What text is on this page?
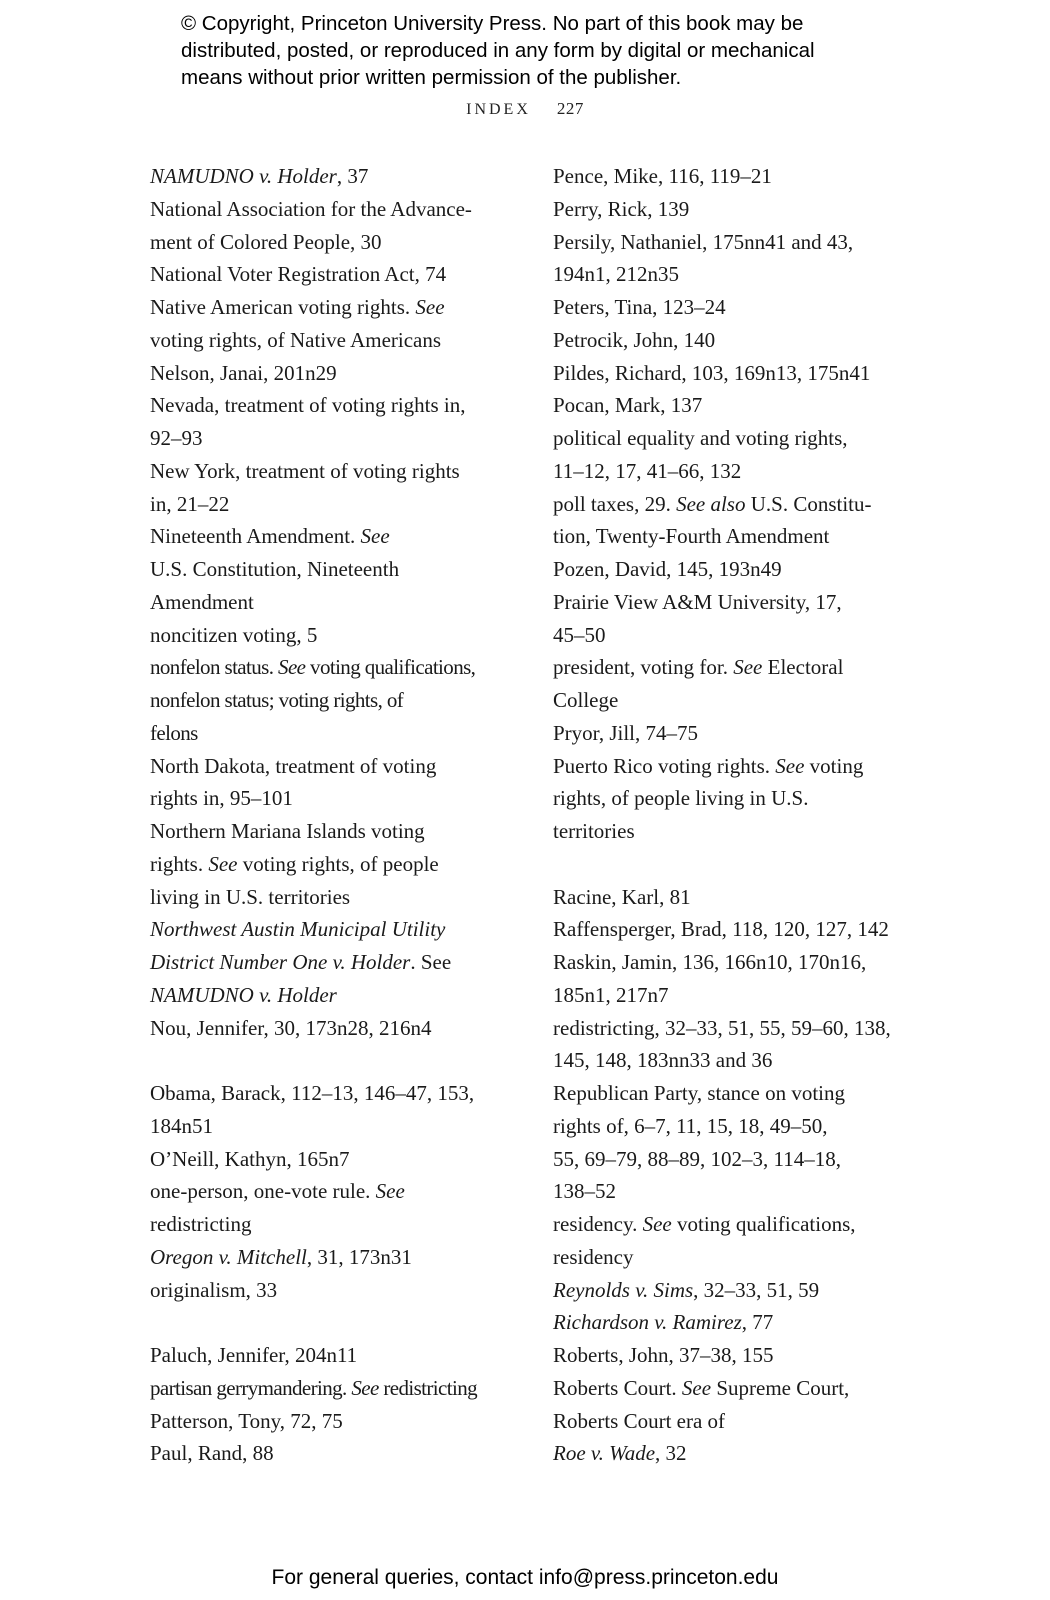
© Copyright, Princeton University Press. No part of this book may be
distributed, posted, or reproduced in any form by digital or mechanical
means without prior written permission of the publisher.
INDEX 227
NAMUDNO v. Holder, 37
National Association for the Advance-
ment of Colored People, 30
National Voter Registration Act, 74
Native American voting rights. See
voting rights, of Native Americans
Nelson, Janai, 201n29
Nevada, treatment of voting rights in,
92–93
New York, treatment of voting rights
in, 21–22
Nineteenth Amendment. See
U.S. Constitution, Nineteenth
Amendment
noncitizen voting, 5
nonfelon status. See voting qualifications,
nonfelon status; voting rights, of
felons
North Dakota, treatment of voting
rights in, 95–101
Northern Mariana Islands voting
rights. See voting rights, of people
living in U.S. territories
Northwest Austin Municipal Utility
District Number One v. Holder. See
NAMUDNO v. Holder
Nou, Jennifer, 30, 173n28, 216n4
Obama, Barack, 112–13, 146–47, 153,
184n51
O’Neill, Kathyn, 165n7
one-person, one-vote rule. See
redistricting
Oregon v. Mitchell, 31, 173n31
originalism, 33
Paluch, Jennifer, 204n11
partisan gerrymandering. See redistricting
Patterson, Tony, 72, 75
Paul, Rand, 88
Pence, Mike, 116, 119–21
Perry, Rick, 139
Persily, Nathaniel, 175nn41 and 43,
194n1, 212n35
Peters, Tina, 123–24
Petrocik, John, 140
Pildes, Richard, 103, 169n13, 175n41
Pocan, Mark, 137
political equality and voting rights,
11–12, 17, 41–66, 132
poll taxes, 29. See also U.S. Constitu-
tion, Twenty-Fourth Amendment
Pozen, David, 145, 193n49
Prairie View A&M University, 17,
45–50
president, voting for. See Electoral
College
Pryor, Jill, 74–75
Puerto Rico voting rights. See voting
rights, of people living in U.S.
territories
Racine, Karl, 81
Raffensperger, Brad, 118, 120, 127, 142
Raskin, Jamin, 136, 166n10, 170n16,
185n1, 217n7
redistricting, 32–33, 51, 55, 59–60, 138,
145, 148, 183nn33 and 36
Republican Party, stance on voting
rights of, 6–7, 11, 15, 18, 49–50,
55, 69–79, 88–89, 102–3, 114–18,
138–52
residency. See voting qualifications,
residency
Reynolds v. Sims, 32–33, 51, 59
Richardson v. Ramirez, 77
Roberts, John, 37–38, 155
Roberts Court. See Supreme Court,
Roberts Court era of
Roe v. Wade, 32
For general queries, contact info@press.princeton.edu
